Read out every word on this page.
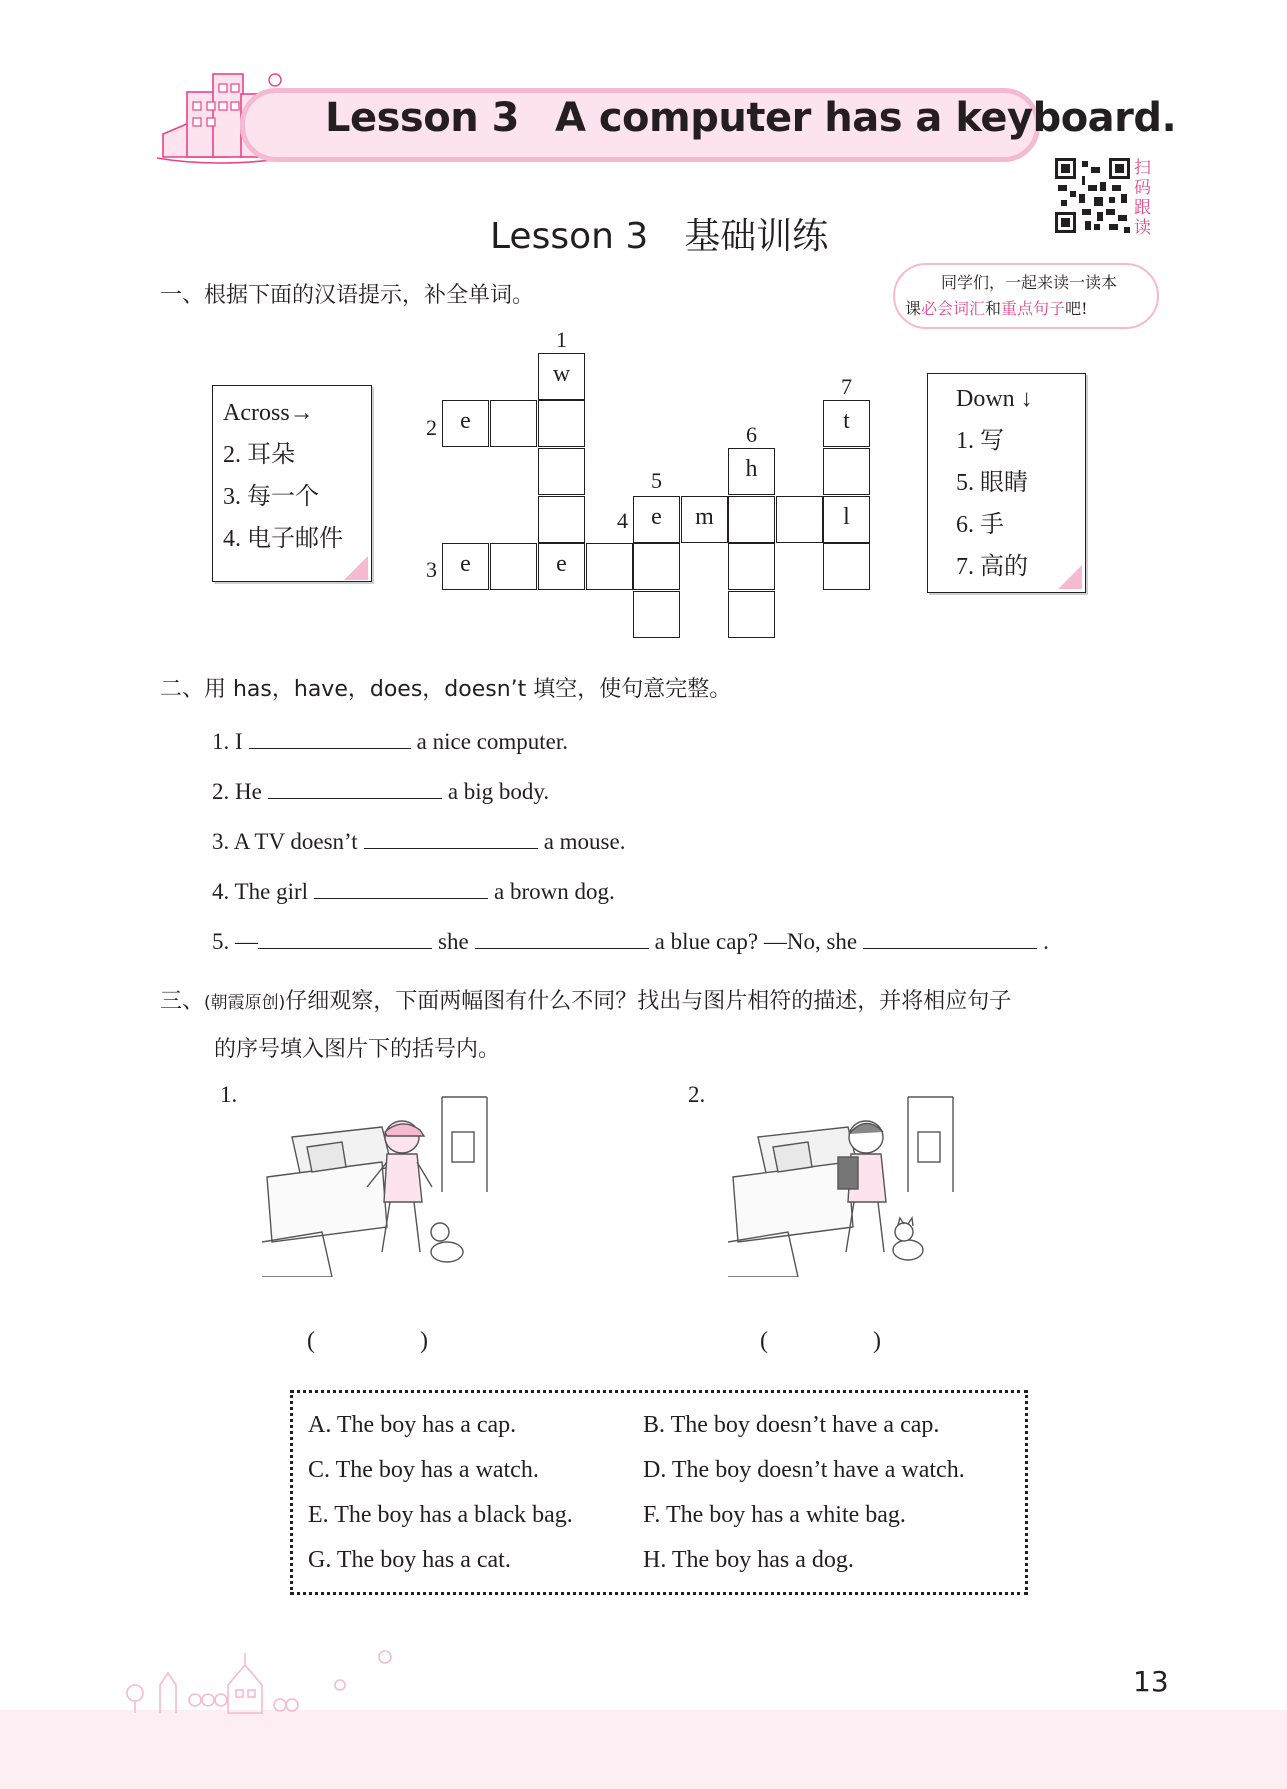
Lesson 3 A computer has a keyboard.
Lesson 3 基础训练
扫码跟读
同学们，一起来读一读本
课必会词汇和重点句子吧!
一、根据下面的汉语提示，补全单词。
Across→
2. 耳朵
3. 每一个
4. 电子邮件
Down ↓
1. 写
5. 眼睛
6. 手
7. 高的
w
e
e
e
e	m	l
h
t
1
2
3
4
5
6
7
二、用 has，have，does，doesn’t 填空，使句意完整。
1. I	a nice computer.
2. He	a big body.
3. A TV doesn’t	a mouse.
4. The girl	a brown dog.
5. —	she	a blue cap? —No, she	.
三、(朝霞原创)仔细观察，下面两幅图有什么不同？找出与图片相符的描述，并将相应句子
的序号填入图片下的括号内。
1.	2.
(	)	(	)
A. The boy has a cap.	B. The boy doesn’t have a cap.
C. The boy has a watch.	D. The boy doesn’t have a watch.
E. The boy has a black bag.	F. The boy has a white bag.
G. The boy has a cat.	H. The boy has a dog.
13
